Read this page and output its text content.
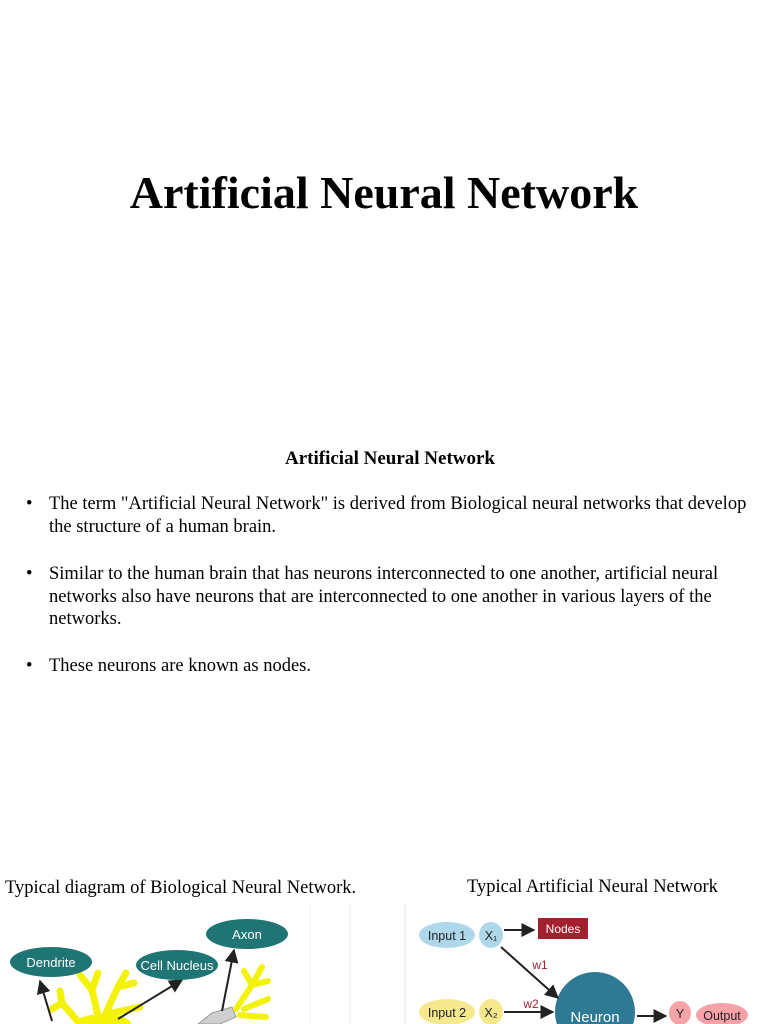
Artificial Neural Network
Artificial Neural Network
• The term "Artificial Neural Network" is derived from Biological neural networks that develop the structure of a human brain.
• Similar to the human brain that has neurons interconnected to one another, artificial neural networks also have neurons that are interconnected to one another in various layers of the networks.
• These neurons are known as nodes.
Typical diagram of Biological Neural Network.	Typical Artificial Neural Network
Dendrite	Cell Nucleus
Axon	Input 1 X₁	Nodes
Input 2 X₂	Neuron
w1
w2
Y Output
